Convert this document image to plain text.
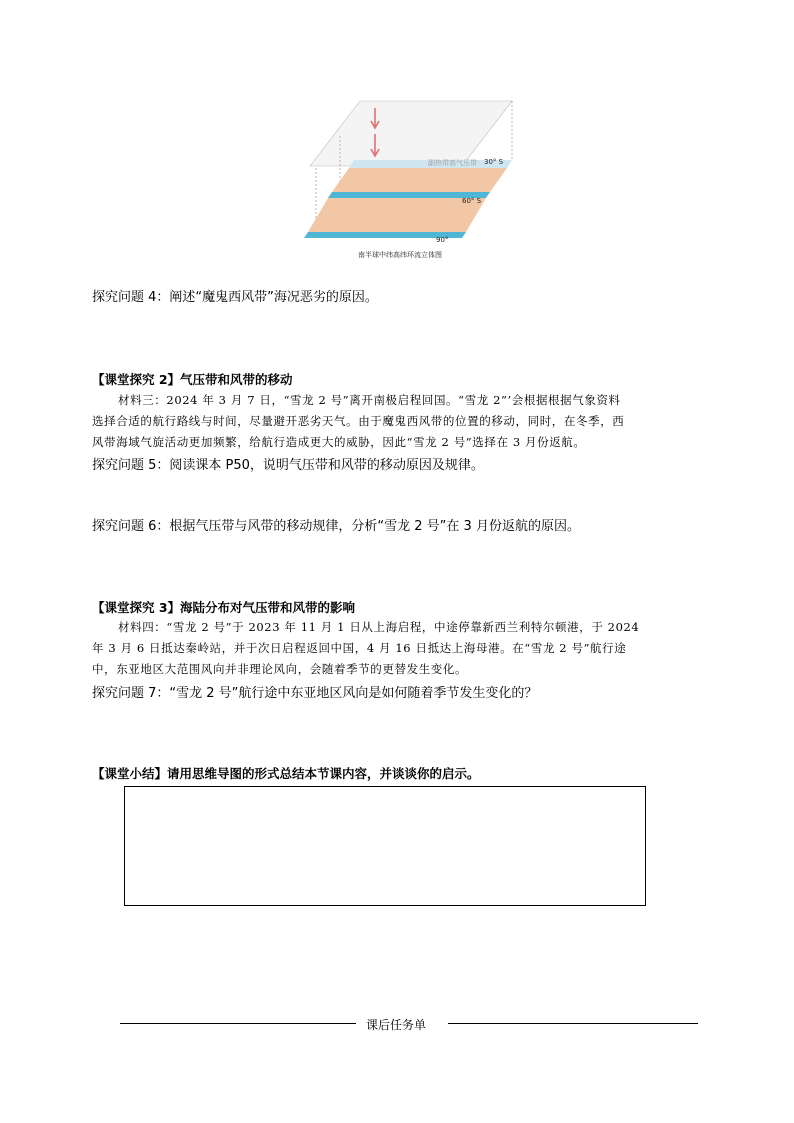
副热带高气压带 30° S
60° S
90°
南半球中纬高纬环流立体图
探究问题 4：阐述“魔鬼西风带”海况恶劣的原因。
【课堂探究 2】气压带和风带的移动
材料三：2024 年 3 月 7 日，“雪龙 2 号”离开南极启程回国。“雪龙 2”’会根据根据气象资料
选择合适的航行路线与时间，尽量避开恶劣天气。由于魔鬼西风带的位置的移动，同时，在冬季，西
风带海域气旋活动更加频繁，给航行造成更大的威胁，因此“雪龙 2 号”选择在 3 月份返航。
探究问题 5：阅读课本 P50，说明气压带和风带的移动原因及规律。
探究问题 6：根据气压带与风带的移动规律，分析“雪龙 2 号”在 3 月份返航的原因。
【课堂探究 3】海陆分布对气压带和风带的影响
材料四：“雪龙 2 号”于 2023 年 11 月 1 日从上海启程，中途停靠新西兰利特尔顿港，于 2024
年 3 月 6 日抵达秦岭站，并于次日启程返回中国，4 月 16 日抵达上海母港。在“雪龙 2 号”航行途
中，东亚地区大范围风向并非理论风向，会随着季节的更替发生变化。
探究问题 7：“雪龙 2 号”航行途中东亚地区风向是如何随着季节发生变化的？
【课堂小结】请用思维导图的形式总结本节课内容，并谈谈你的启示。
课后任务单
